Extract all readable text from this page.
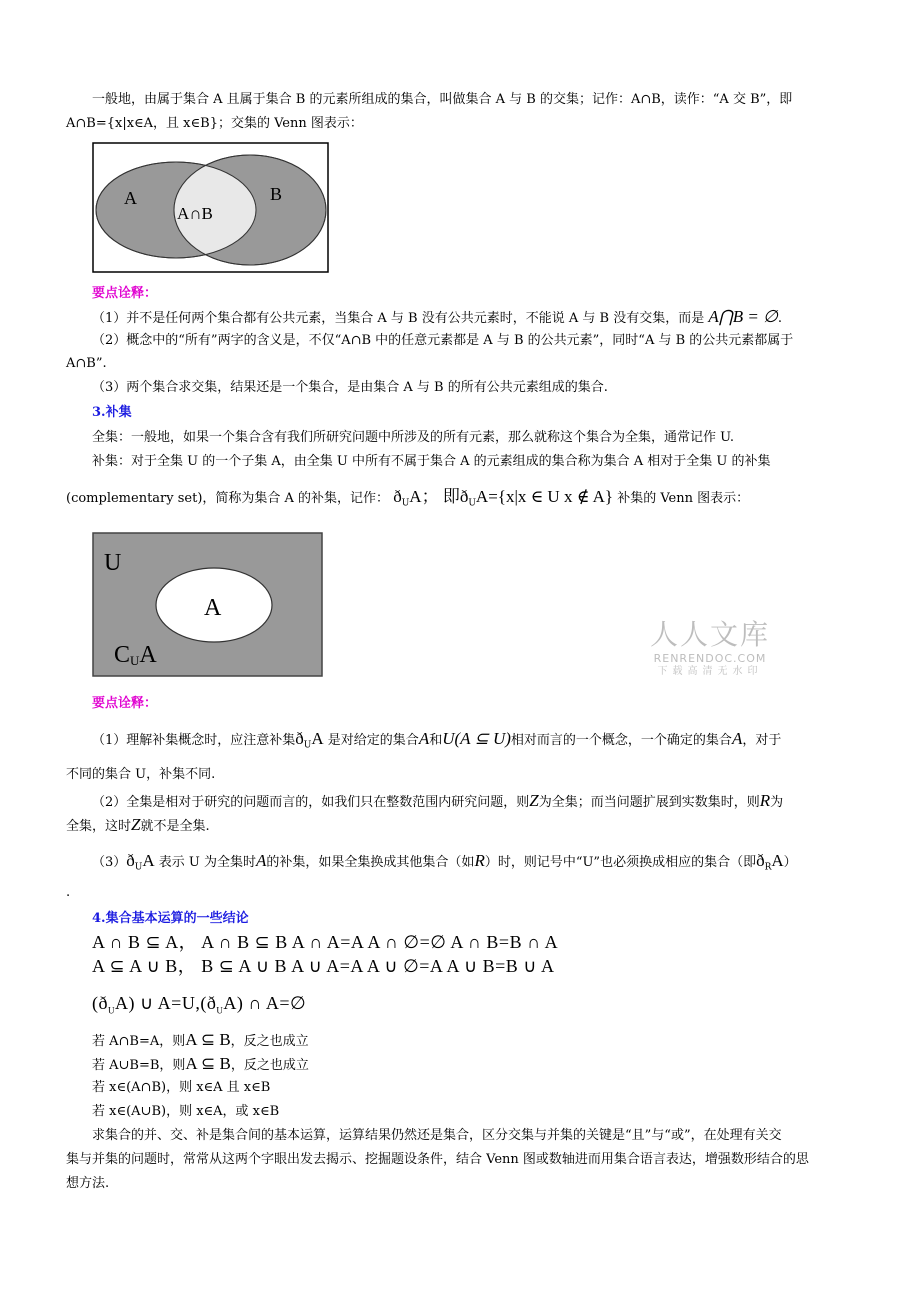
一般地，由属于集合 A 且属于集合 B 的元素所组成的集合，叫做集合 A 与 B 的交集；记作：A∩B，读作：“A 交 B”，即
A∩B={x|x∈A，且 x∈B}；交集的 Venn 图表示：
A	B
A∩B
要点诠释：
（1）并不是任何两个集合都有公共元素，当集合 A 与 B 没有公共元素时，不能说 A 与 B 没有交集，而是 A⋂B = ∅.
（2）概念中的“所有”两字的含义是，不仅“A∩B 中的任意元素都是 A 与 B 的公共元素”，同时“A 与 B 的公共元素都属于
A∩B”.
（3）两个集合求交集，结果还是一个集合，是由集合 A 与 B 的所有公共元素组成的集合.
3.补集
全集：一般地，如果一个集合含有我们所研究问题中所涉及的所有元素，那么就称这个集合为全集，通常记作 U.
补集：对于全集 U 的一个子集 A，由全集 U 中所有不属于集合 A 的元素组成的集合称为集合 A 相对于全集 U 的补集
(complementary set)，简称为集合 A 的补集，记作： $ð_UA$； 即$ð_UA=\{x|x$ ∈ U x ∉ A} 补集的 Venn 图表示：
U
A
CUA
人人文库
RENRENDOC.COM
下载高清无水印
要点诠释：
（1）理解补集概念时，应注意补集$ð_UA$ 是对给定的集合A和U(A ⊆ U)相对而言的一个概念，一个确定的集合A，对于
不同的集合 U，补集不同.
（2）全集是相对于研究的问题而言的，如我们只在整数范围内研究问题，则Z为全集；而当问题扩展到实数集时，则R为
全集，这时Z就不是全集.
$(3)ð_UA$ 表示 U 为全集时A的补集，如果全集换成其他集合（如R）时，则记号中“U”也必须换成相应的集合（即$ð_RA$）
.
4.集合基本运算的一些结论
A ∩ B ⊆ A， A ∩ B ⊆ B A ∩ A=A A ∩ ∅=∅ A ∩ B=B ∩ A
A ⊆ A ∪ B， B ⊆ A ∪ B A ∪ A=A A ∪ ∅=A A ∪ B=B ∪ A
$(ð_UA)$ ∪ $A=U,(ð_UA)$ ∩ A=∅
若 A∩B=A，则A ⊆ B，反之也成立
若 A∪B=B，则A ⊆ B，反之也成立
若 x∈(A∩B)，则 x∈A 且 x∈B
若 x∈(A∪B)，则 x∈A，或 x∈B
求集合的并、交、补是集合间的基本运算，运算结果仍然还是集合，区分交集与并集的关键是“且”与“或”，在处理有关交
集与并集的问题时，常常从这两个字眼出发去揭示、挖掘题设条件，结合 Venn 图或数轴进而用集合语言表达，增强数形结合的思
想方法.
